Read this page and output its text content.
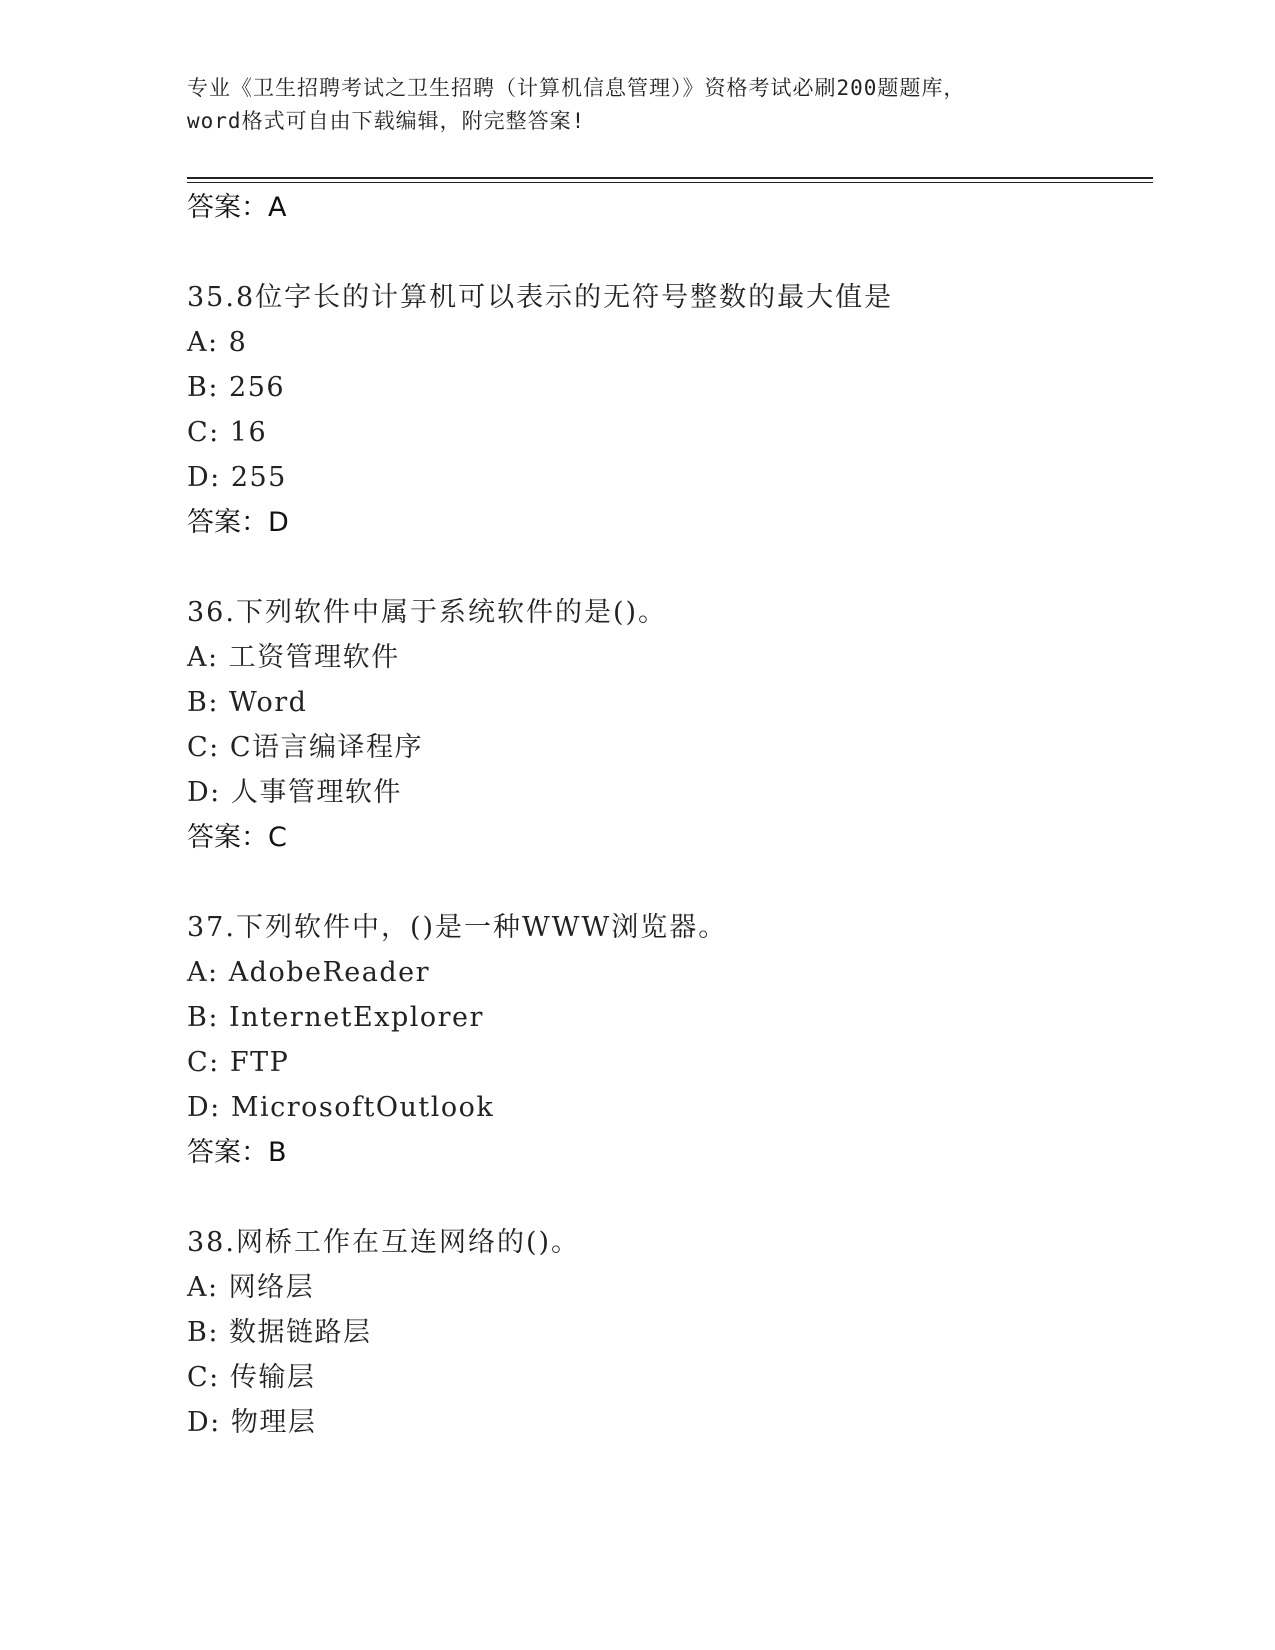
专业《卫生招聘考试之卫生招聘（计算机信息管理）》资格考试必刷200题题库，
word格式可自由下载编辑，附完整答案!
答案：A
35.8位字长的计算机可以表示的无符号整数的最大值是
A: 8
B: 256
C: 16
D: 255
答案：D
36.下列软件中属于系统软件的是()。
A: 工资管理软件
B: Word
C: C语言编译程序
D: 人事管理软件
答案：C
37.下列软件中，()是一种WWW浏览器。
A: AdobeReader
B: InternetExplorer
C: FTP
D: MicrosoftOutlook
答案：B
38.网桥工作在互连网络的()。
A: 网络层
B: 数据链路层
C: 传输层
D: 物理层
